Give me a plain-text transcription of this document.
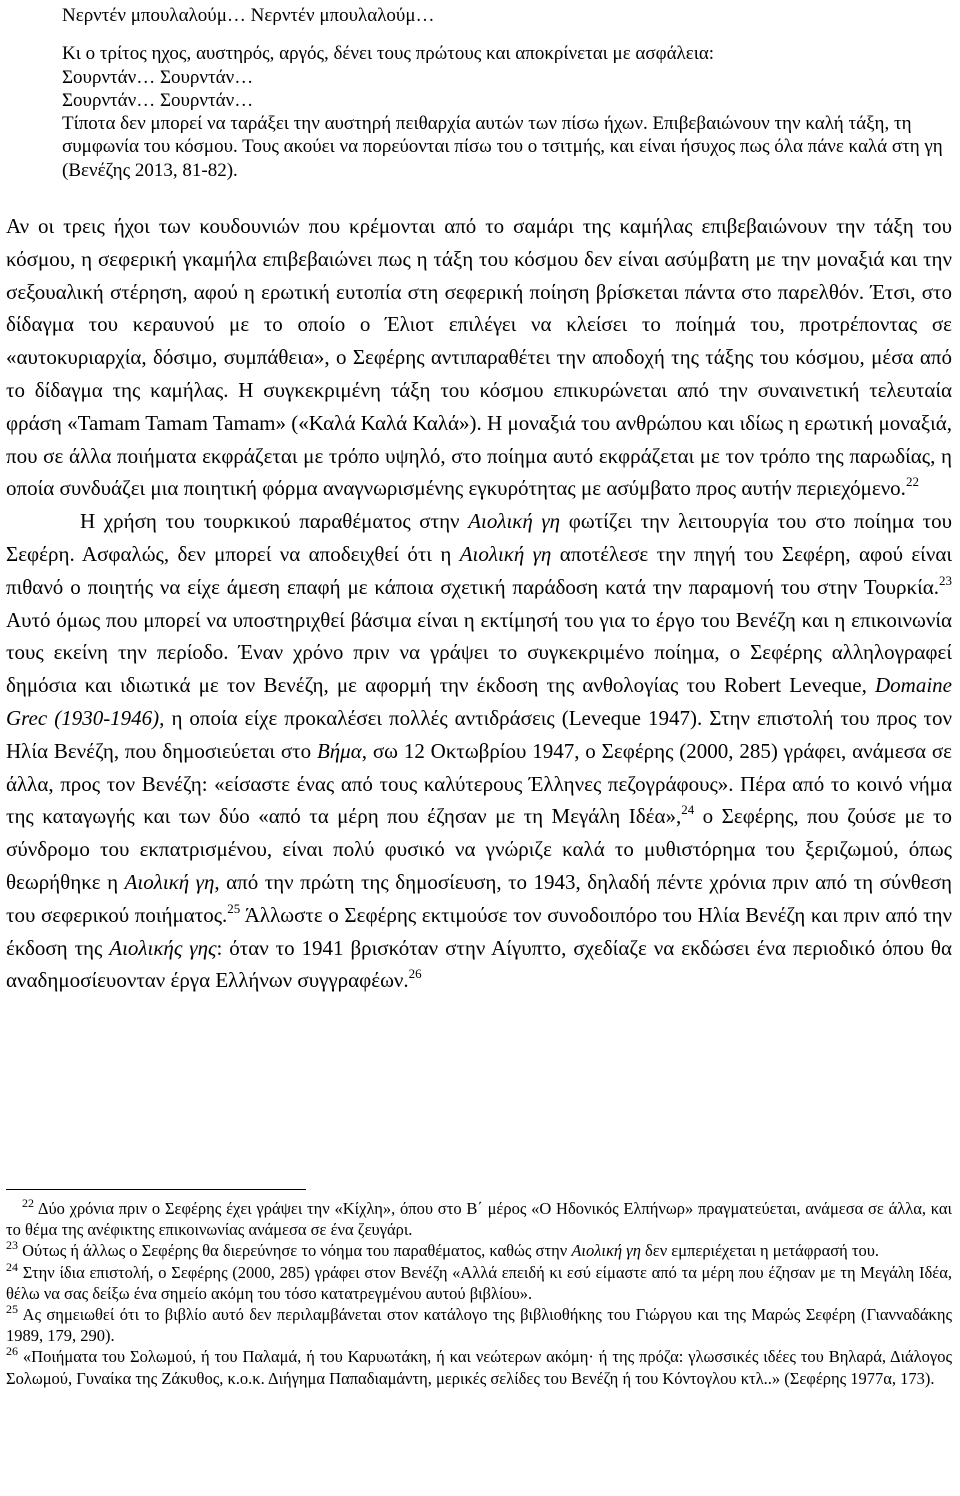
Νερντέν μπουλαλούμ… Νερντέν μπουλαλούμ…

Κι ο τρίτος ηχος, αυστηρός, αργός, δένει τους πρώτους και αποκρίνεται με ασφάλεια:

Σουρντάν… Σουρντάν…

Σουρντάν… Σουρντάν…

Τίποτα δεν μπορεί να ταράξει την αυστηρή πειθαρχία αυτών των πίσω ήχων. Επιβεβαιώνουν την καλή τάξη, τη συμφωνία του κόσμου. Τους ακούει να πορεύονται πίσω του ο τσιτμής, και είναι ήσυχος πως όλα πάνε καλά στη γη (Βενέζης 2013, 81-82).

Αν οι τρεις ήχοι των κουδουνιών που κρέμονται από το σαμάρι της καμήλας επιβεβαιώνουν την τάξη του κόσμου, η σεφερική γκαμήλα επιβεβαιώνει πως η τάξη του κόσμου δεν είναι ασύμβατη με την μοναξιά και την σεξουαλική στέρηση, αφού η ερωτική ευτοπία στη σεφερική ποίηση βρίσκεται πάντα στο παρελθόν. Έτσι, στο δίδαγμα του κεραυνού με το οποίο ο Έλιοτ επιλέγει να κλείσει το ποίημά του, προτρέποντας σε «αυτοκυριαρχία, δόσιμο, συμπάθεια», ο Σεφέρης αντιπαραθέτει την αποδοχή της τάξης του κόσμου, μέσα από το δίδαγμα της καμήλας. Η συγκεκριμένη τάξη του κόσμου επικυρώνεται από την συναινετική τελευταία φράση «Tamam Tamam Tamam» («Καλά Καλά Καλά»). Η μοναξιά του ανθρώπου και ιδίως η ερωτική μοναξιά, που σε άλλα ποιήματα εκφράζεται με τρόπο υψηλό, στο ποίημα αυτό εκφράζεται με τον τρόπο της παρωδίας, η οποία συνδυάζει μια ποιητική φόρμα αναγνωρισμένης εγκυρότητας με ασύμβατο προς αυτήν περιεχόμενο.$^{22}$

Η χρήση του τουρκικού παραθέματος στην Αιολική γη φωτίζει την λειτουργία του στο ποίημα του Σεφέρη. Ασφαλώς, δεν μπορεί να αποδειχθεί ότι η Αιολική γη αποτέλεσε την πηγή του Σεφέρη, αφού είναι πιθανό ο ποιητής να είχε άμεση επαφή με κάποια σχετική παράδοση κατά την παραμονή του στην Τουρκία.$^{23}$ Αυτό όμως που μπορεί να υποστηριχθεί βάσιμα είναι η εκτίμησή του για το έργο του Βενέζη και η επικοινωνία τους εκείνη την περίοδο. Έναν χρόνο πριν να γράψει το συγκεκριμένο ποίημα, ο Σεφέρης αλληλογραφεί δημόσια και ιδιωτικά με τον Βενέζη, με αφορμή την έκδοση της ανθολογίας του Robert Leveque, Domaine Grec (1930-1946), η οποία είχε προκαλέσει πολλές αντιδράσεις (Leveque 1947). Στην επιστολή του προς τον Ηλία Βενέζη, που δημοσιεύεται στο Βήμα, σω 12 Οκτωβρίου 1947, ο Σεφέρης (2000, 285) γράφει, ανάμεσα σε άλλα, προς τον Βενέζη: «είσαστε ένας από τους καλύτερους Έλληνες πεζογράφους». Πέρα από το κοινό νήμα της καταγωγής και των δύο «από τα μέρη που έζησαν με τη Μεγάλη Ιδέα»,$^{24}$ ο Σεφέρης, που ζούσε με το σύνδρομο του εκπατρισμένου, είναι πολύ φυσικό να γνώριζε καλά το μυθιστόρημα του ξεριζωμού, όπως θεωρήθηκε η Αιολική γη, από την πρώτη της δημοσίευση, το 1943, δηλαδή πέντε χρόνια πριν από τη σύνθεση του σεφερικού ποιήματος.$^{25}$ Άλλωστε ο Σεφέρης εκτιμούσε τον συνοδοιπόρο του Ηλία Βενέζη και πριν από την έκδοση της Αιολικής γης: όταν το 1941 βρισκόταν στην Αίγυπτο, σχεδίαζε να εκδώσει ένα περιοδικό όπου θα αναδημοσίευονταν έργα Ελλήνων συγγραφέων.$^{26}$

$^{22}$ Δύο χρόνια πριν ο Σεφέρης έχει γράψει την «Κίχλη», όπου στο Β΄ μέρος «Ο Ηδονικός Ελπήνωρ» πραγματεύεται, ανάμεσα σε άλλα, και το θέμα της ανέφικτης επικοινωνίας ανάμεσα σε ένα ζευγάρι.

$^{23}$ Ούτως ή άλλως ο Σεφέρης θα διερεύνησε το νόημα του παραθέματος, καθώς στην Αιολική γη δεν εμπεριέχεται η μετάφρασή του.

$^{24}$ Στην ίδια επιστολή, ο Σεφέρης (2000, 285) γράφει στον Βενέζη «Αλλά επειδή κι εσύ είμαστε από τα μέρη που έζησαν με τη Μεγάλη Ιδέα, θέλω να σας δείξω ένα σημείο ακόμη του τόσο κατατρεγμένου αυτού βιβλίου».

$^{25}$ Ας σημειωθεί ότι το βιβλίο αυτό δεν περιλαμβάνεται στον κατάλογο της βιβλιοθήκης του Γιώργου και της Μαρώς Σεφέρη (Γιανναδάκης 1989, 179, 290).

$^{26}$ «Ποιήματα του Σολωμού, ή του Παλαμά, ή του Καρυωτάκη, ή και νεώτερων ακόμη· ή της πρόζα: γλωσσικές ιδέες του Βηλαρά, Διάλογος Σολωμού, Γυναίκα της Ζάκυθος, κ.ο.κ. Διήγημα Παπαδιαμάντη, μερικές σελίδες του Βενέζη ή του Κόντογλου κτλ..» (Σεφέρης 1977α, 173).
